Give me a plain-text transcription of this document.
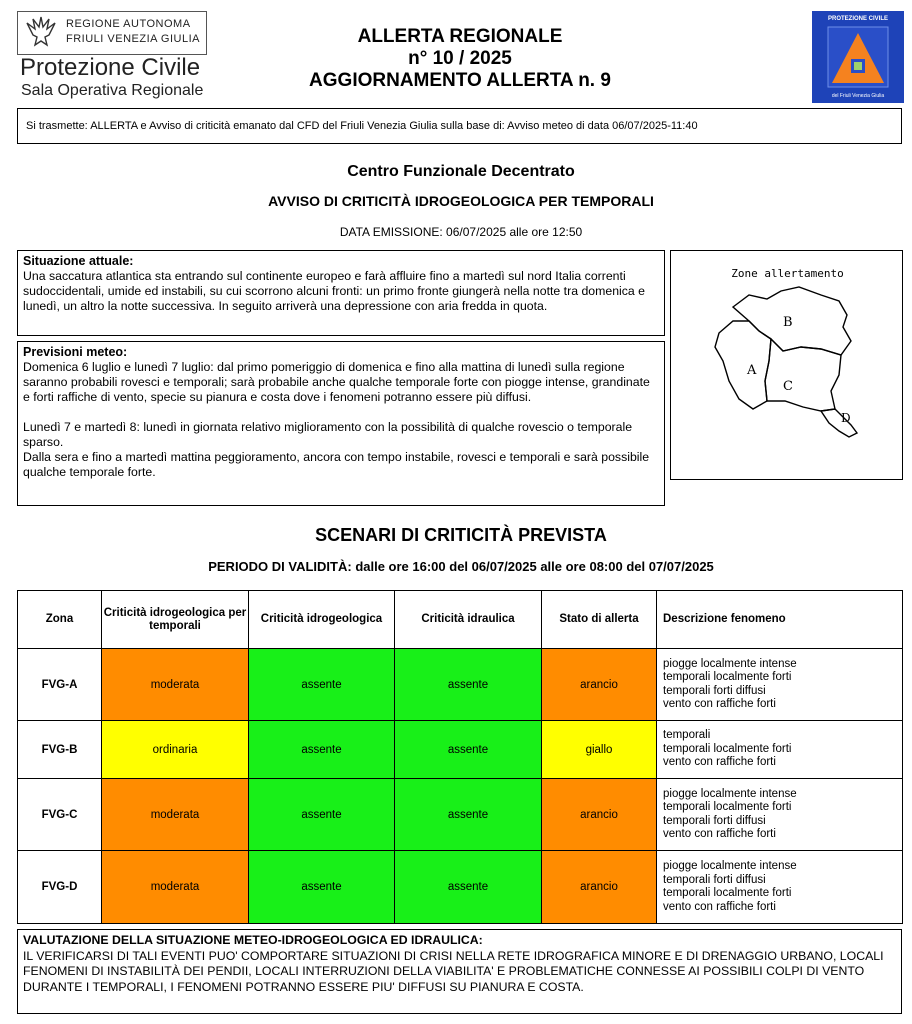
REGIONE AUTONOMA
FRIULI VENEZIA GIULIA
Protezione Civile
Sala Operativa Regionale
ALLERTA REGIONALE
n° 10 / 2025
AGGIORNAMENTO ALLERTA n. 9
PROTEZIONE CIVILE
del Friuli Venezia Giulia
Si trasmette: ALLERTA e Avviso di criticità emanato dal CFD del Friuli Venezia Giulia sulla base di: Avviso meteo di data 06/07/2025-11:40
Centro Funzionale Decentrato
AVVISO DI CRITICITÀ IDROGEOLOGICA PER TEMPORALI
DATA EMISSIONE: 06/07/2025 alle ore 12:50
Situazione attuale:
Una saccatura atlantica sta entrando sul continente europeo e farà affluire fino a martedì sul nord Italia correnti sudoccidentali, umide ed instabili, su cui scorrono alcuni fronti: un primo fronte giungerà nella notte tra domenica e lunedì, un altro la notte successiva. In seguito arriverà una depressione con aria fredda in quota.
Previsioni meteo:
Domenica 6 luglio e lunedì 7 luglio: dal primo pomeriggio di domenica e fino alla mattina di lunedì sulla regione saranno probabili rovesci e temporali; sarà probabile anche qualche temporale forte con piogge intense, grandinate e forti raffiche di vento, specie su pianura e costa dove i fenomeni potranno essere più diffusi.
Lunedì 7 e martedì 8: lunedì in giornata relativo miglioramento con la possibilità di qualche rovescio o temporale sparso.
Dalla sera e fino a martedì mattina peggioramento, ancora con tempo instabile, rovesci e temporali e sarà possibile qualche temporale forte.
Zone allertamento
A
B
C
D
SCENARI DI CRITICITÀ PREVISTA
PERIODO DI VALIDITÀ: dalle ore 16:00 del 06/07/2025 alle ore 08:00 del 07/07/2025
Zona	Criticità idrogeologica per temporali	Criticità idrogeologica	Criticità idraulica	Stato di allerta	Descrizione fenomeno
FVG-A	moderata	assente	assente	arancio	piogge localmente intense
temporali localmente forti
temporali forti diffusi
vento con raffiche forti

FVG-B	ordinaria	assente	assente	giallo	temporali
temporali localmente forti
vento con raffiche forti

FVG-C	moderata	assente	assente	arancio	piogge localmente intense
temporali localmente forti
temporali forti diffusi
vento con raffiche forti

FVG-D	moderata	assente	assente	arancio	piogge localmente intense
temporali forti diffusi
temporali localmente forti
vento con raffiche forti
VALUTAZIONE DELLA SITUAZIONE METEO-IDROGEOLOGICA ED IDRAULICA:
IL VERIFICARSI DI TALI EVENTI PUO' COMPORTARE SITUAZIONI DI CRISI NELLA RETE IDROGRAFICA MINORE E DI DRENAGGIO URBANO, LOCALI FENOMENI DI INSTABILITÀ DEI PENDII, LOCALI INTERRUZIONI DELLA VIABILITA' E PROBLEMATICHE CONNESSE AI POSSIBILI COLPI DI VENTO DURANTE I TEMPORALI, I FENOMENI POTRANNO ESSERE PIU' DIFFUSI SU PIANURA E COSTA.
